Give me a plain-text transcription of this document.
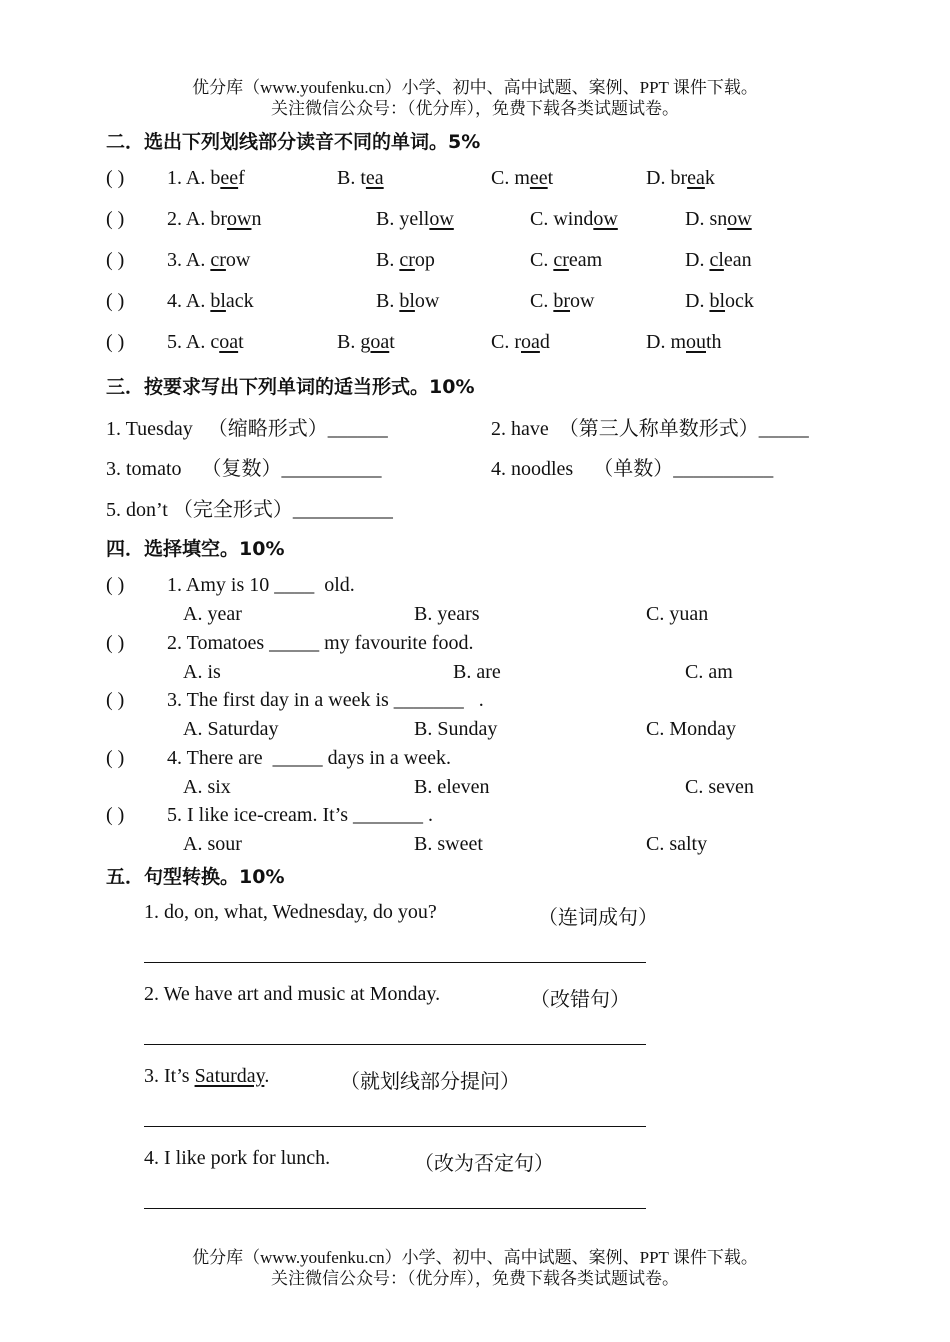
优分库（www.youfenku.cn）小学、初中、高中试题、案例、PPT 课件下载。
关注微信公众号：（优分库），免费下载各类试题试卷。
二．选出下列划线部分读音不同的单词。5%
( ) 1. A. beef	B. tea	C. meet	D. break
( ) 2. A. brown	B. yellow	C. window	D. snow
( ) 3. A. crow	B. crop	C. cream	D. clean
( ) 4. A. black	B. blow	C. brow	D. block
( ) 5. A. coat	B. goat	C. road	D. mouth
三．按要求写出下列单词的适当形式。10%
1. Tuesday   （缩略形式）______	2. have  （第三人称单数形式）_____
3. tomato    （复数）__________	4. noodles    （单数）__________
5. don’t （完全形式）__________
四．选择填空。10%
( ) 1. Amy is 10 ____  old.
A. year	B. years	C. yuan
( ) 2. Tomatoes _____ my favourite food.
A. is	B. are	C. am
( ) 3. The first day in a week is _______   .
A. Saturday	B. Sunday	C. Monday
( ) 4. There are  _____ days in a week.
A. six	B. eleven	C. seven
( ) 5. I like ice-cream. It’s _______ .
A. sour	B. sweet	C. salty
五．句型转换。10%
1. do, on, what, Wednesday, do you?	（连词成句）
2. We have art and music at Monday.	（改错句）
3. It’s Saturday.	（就划线部分提问）
4. I like pork for lunch.	（改为否定句）
优分库（www.youfenku.cn）小学、初中、高中试题、案例、PPT 课件下载。
关注微信公众号：（优分库），免费下载各类试题试卷。
